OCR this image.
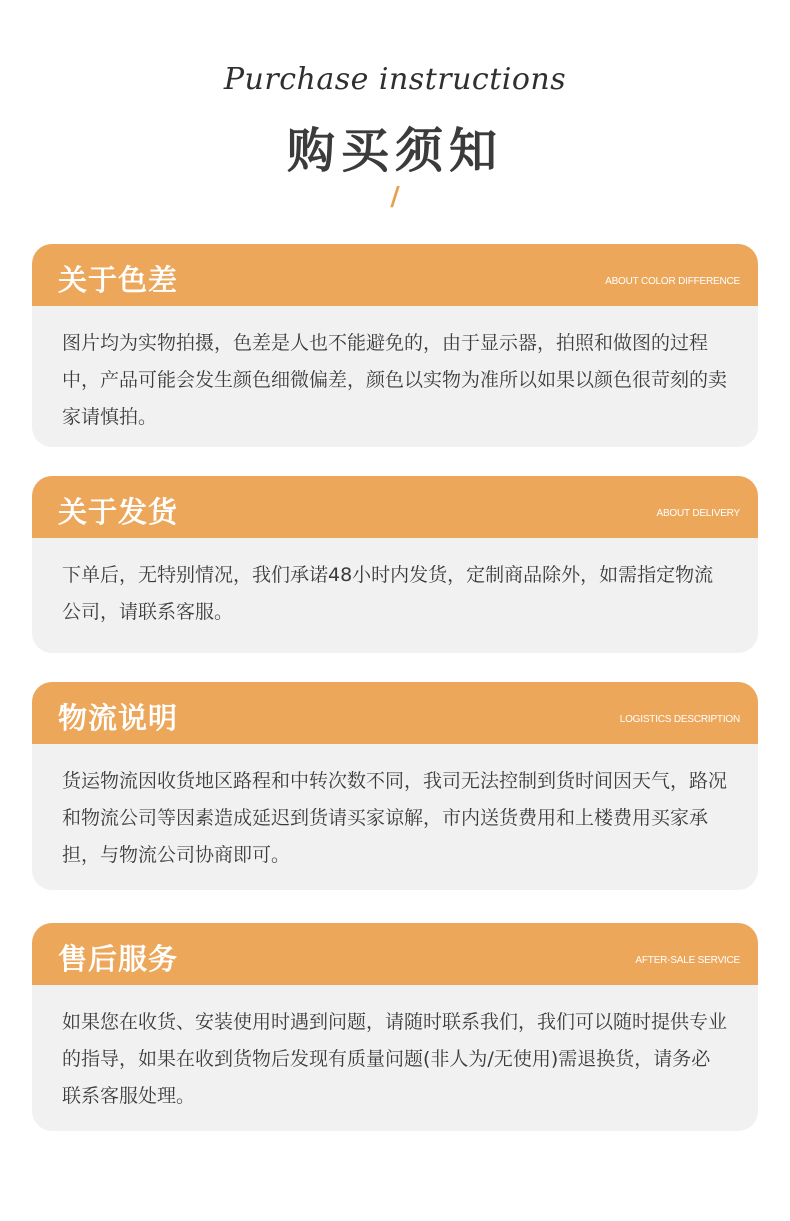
Purchase instructions
购买须知
/
关于色差	ABOUT COLOR DIFFERENCE
图片均为实物拍摄，色差是人也不能避免的，由于显示器，拍照和做图的过程中，产品可能会发生颜色细微偏差，颜色以实物为准所以如果以颜色很苛刻的卖家请慎拍。
关于发货	ABOUT DELIVERY
下单后，无特别情况，我们承诺48小时内发货，定制商品除外，如需指定物流公司，请联系客服。
物流说明	LOGISTICS DESCRIPTION
货运物流因收货地区路程和中转次数不同，我司无法控制到货时间因天气，路况和物流公司等因素造成延迟到货请买家谅解，市内送货费用和上楼费用买家承担，与物流公司协商即可。
售后服务	AFTER-SALE SERVICE
如果您在收货、安装使用时遇到问题，请随时联系我们，我们可以随时提供专业的指导，如果在收到货物后发现有质量问题(非人为/无使用)需退换货，请务必联系客服处理。
